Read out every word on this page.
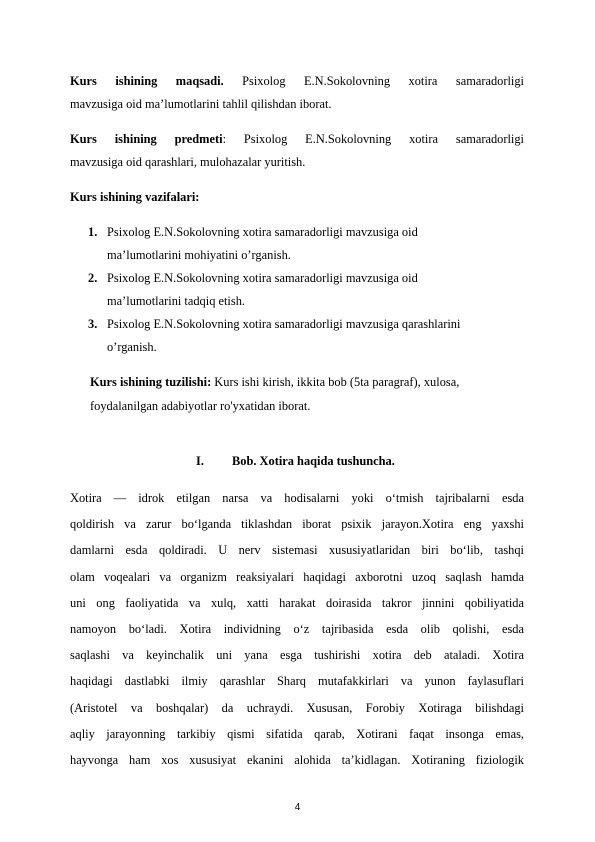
Kurs ishining maqsadi. Psixolog E.N.Sokolovning xotira samaradorligi
mavzusiga oid ma’lumotlarini tahlil qilishdan iborat.
Kurs ishining predmeti: Psixolog E.N.Sokolovning xotira samaradorligi
mavzusiga oid qarashlari, mulohazalar yuritish.
Kurs ishining vazifalari:
1. Psixolog E.N.Sokolovning xotira samaradorligi mavzusiga oid
ma’lumotlarini mohiyatini o’rganish.
2. Psixolog E.N.Sokolovning xotira samaradorligi mavzusiga oid
ma’lumotlarini tadqiq etish.
3. Psixolog E.N.Sokolovning xotira samaradorligi mavzusiga qarashlarini
o’rganish.
Kurs ishining tuzilishi: Kurs ishi kirish, ikkita bob (5ta paragraf), xulosa,
foydalanilgan adabiyotlar ro'yxatidan iborat.
I. Bob. Xotira haqida tushuncha.
Xotira — idrok etilgan narsa va hodisalarni yoki o‘tmish tajribalarni esda
qoldirish va zarur bo‘lganda tiklashdan iborat psixik jarayon.Xotira eng yaxshi
damlarni esda qoldiradi. U nerv sistemasi xususiyatlaridan biri bo‘lib, tashqi
olam voqealari va organizm reaksiyalari haqidagi axborotni uzoq saqlash hamda
uni ong faoliyatida va xulq, xatti harakat doirasida takror jinnini qobiliyatida
namoyon bo‘ladi. Xotira individning o‘z tajribasida esda olib qolishi, esda
saqlashi va keyinchalik uni yana esga tushirishi xotira deb ataladi. Xotira
haqidagi dastlabki ilmiy qarashlar Sharq mutafakkirlari va yunon faylasuflari
(Aristotel va boshqalar) da uchraydi. Xususan, Forobiy Xotiraga bilishdagi
aqliy jarayonning tarkibiy qismi sifatida qarab, Xotirani faqat insonga emas,
hayvonga ham xos xususiyat ekanini alohida taʼkidlagan. Xotiraning fiziologik
4
